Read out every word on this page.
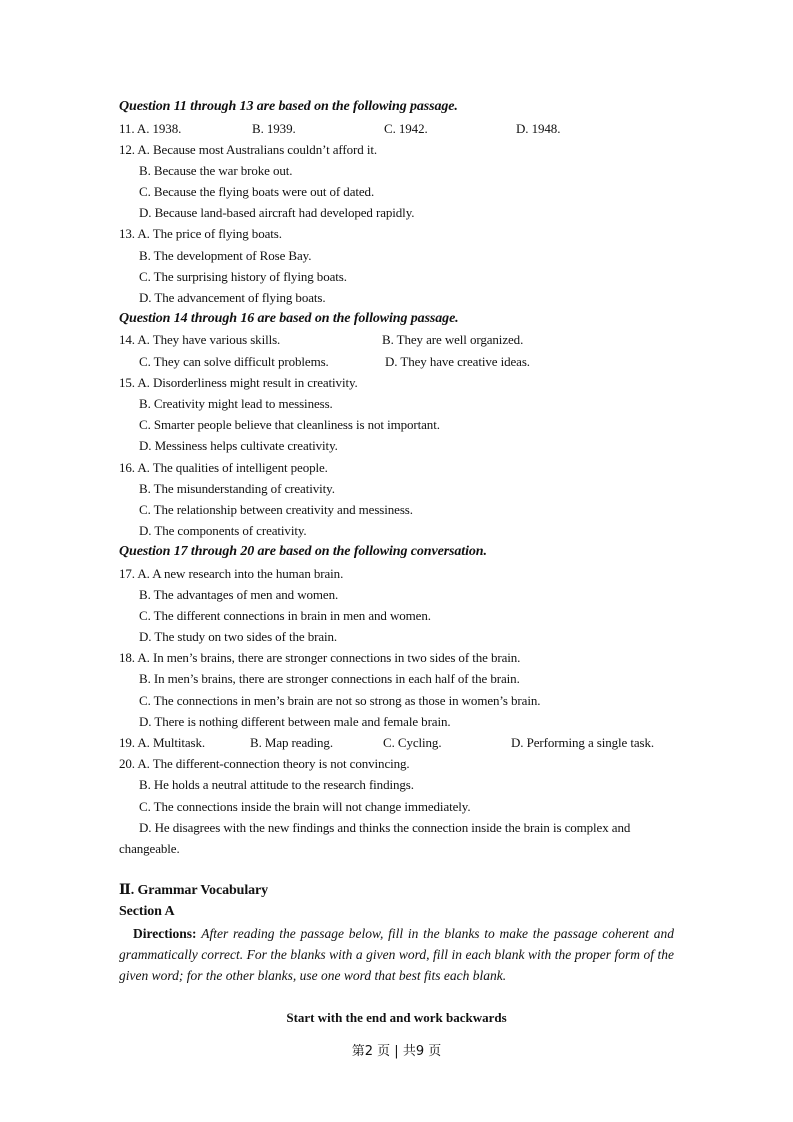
Question 11 through 13 are based on the following passage.
11. A. 1938.	B. 1939.	C. 1942.	D. 1948.
12. A. Because most Australians couldn’t afford it.
B. Because the war broke out.
C. Because the flying boats were out of dated.
D. Because land-based aircraft had developed rapidly.
13. A. The price of flying boats.
B. The development of Rose Bay.
C. The surprising history of flying boats.
D. The advancement of flying boats.
Question 14 through 16 are based on the following passage.
14. A. They have various skills.	B. They are well organized.
C. They can solve difficult problems.	D. They have creative ideas.
15. A. Disorderliness might result in creativity.
B. Creativity might lead to messiness.
C. Smarter people believe that cleanliness is not important.
D. Messiness helps cultivate creativity.
16. A. The qualities of intelligent people.
B. The misunderstanding of creativity.
C. The relationship between creativity and messiness.
D. The components of creativity.
Question 17 through 20 are based on the following conversation.
17. A. A new research into the human brain.
B. The advantages of men and women.
C. The different connections in brain in men and women.
D. The study on two sides of the brain.
18. A. In men’s brains, there are stronger connections in two sides of the brain.
B. In men’s brains, there are stronger connections in each half of the brain.
C. The connections in men’s brain are not so strong as those in women’s brain.
D. There is nothing different between male and female brain.
19. A. Multitask.	B. Map reading.	C. Cycling.	D. Performing a single task.
20. A. The different-connection theory is not convincing.
B. He holds a neutral attitude to the research findings.
C. The connections inside the brain will not change immediately.
D. He disagrees with the new findings and thinks the connection inside the brain is complex and
changeable.
Ⅱ. Grammar Vocabulary
Section A
Directions: After reading the passage below, fill in the blanks to make the passage coherent and grammatically correct. For the blanks with a given word, fill in each blank with the proper form of the given word; for the other blanks, use one word that best fits each blank.
Start with the end and work backwards
第2 页 | 共9 页
